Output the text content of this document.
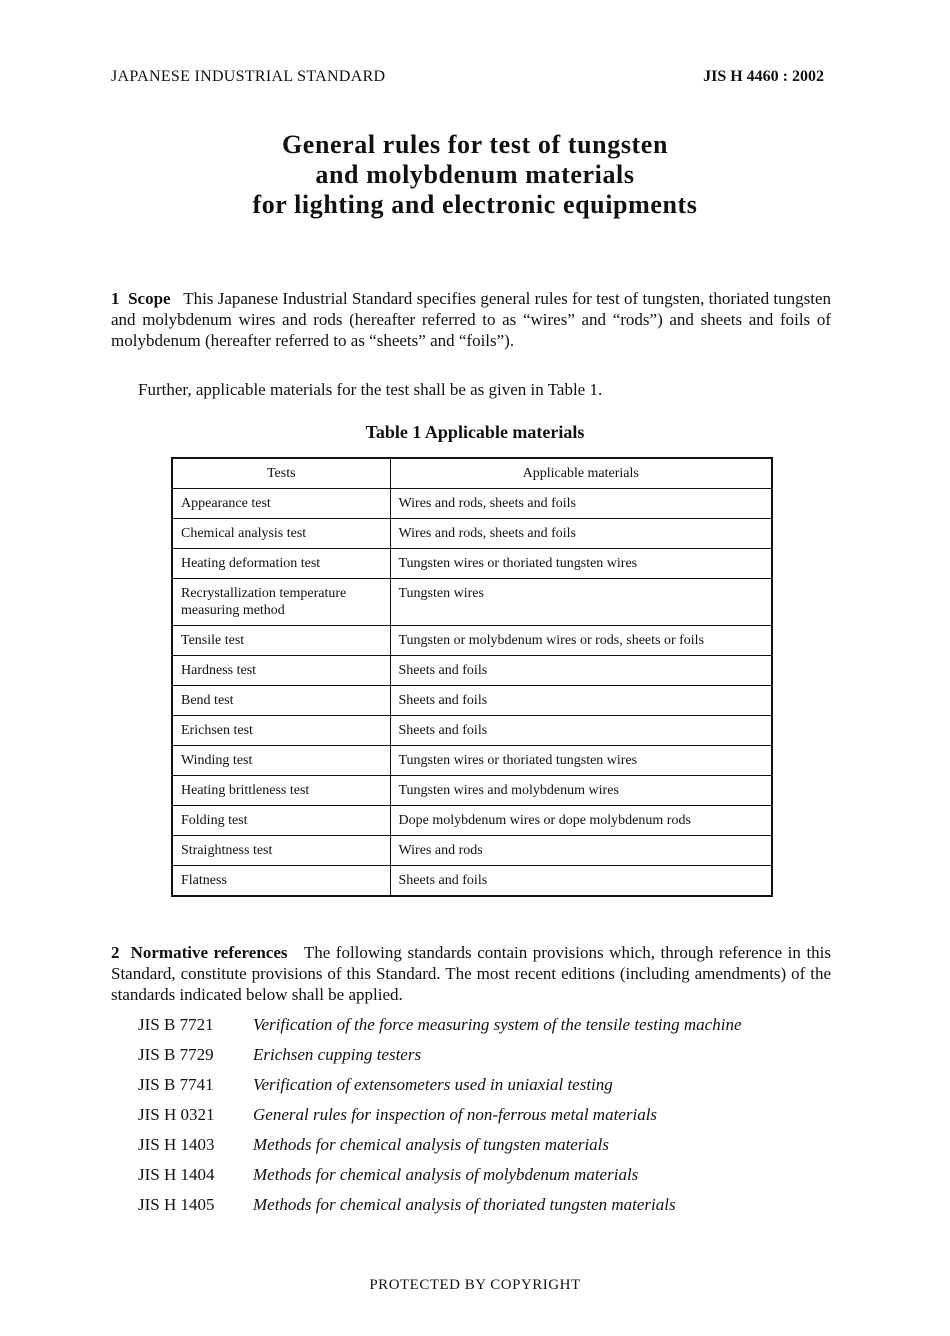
JAPANESE INDUSTRIAL STANDARD	JIS H 4460 : 2002
General rules for test of tungsten
and molybdenum materials
for lighting and electronic equipments
1 Scope This Japanese Industrial Standard specifies general rules for test of tungsten, thoriated tungsten and molybdenum wires and rods (hereafter referred to as “wires” and “rods”) and sheets and foils of molybdenum (hereafter referred to as “sheets” and “foils”).
Further, applicable materials for the test shall be as given in Table 1.
Table 1 Applicable materials
Tests	Applicable materials
Appearance test	Wires and rods, sheets and foils
Chemical analysis test	Wires and rods, sheets and foils
Heating deformation test	Tungsten wires or thoriated tungsten wires
Recrystallization temperature measuring method	Tungsten wires
Tensile test	Tungsten or molybdenum wires or rods, sheets or foils
Hardness test	Sheets and foils
Bend test	Sheets and foils
Erichsen test	Sheets and foils
Winding test	Tungsten wires or thoriated tungsten wires
Heating brittleness test	Tungsten wires and molybdenum wires
Folding test	Dope molybdenum wires or dope molybdenum rods
Straightness test	Wires and rods
Flatness	Sheets and foils
2 Normative references The following standards contain provisions which, through reference in this Standard, constitute provisions of this Standard. The most recent editions (including amendments) of the standards indicated below shall be applied.
JIS B 7721	Verification of the force measuring system of the tensile testing machine
JIS B 7729	Erichsen cupping testers
JIS B 7741	Verification of extensometers used in uniaxial testing
JIS H 0321	General rules for inspection of non-ferrous metal materials
JIS H 1403	Methods for chemical analysis of tungsten materials
JIS H 1404	Methods for chemical analysis of molybdenum materials
JIS H 1405	Methods for chemical analysis of thoriated tungsten materials
PROTECTED BY COPYRIGHT
